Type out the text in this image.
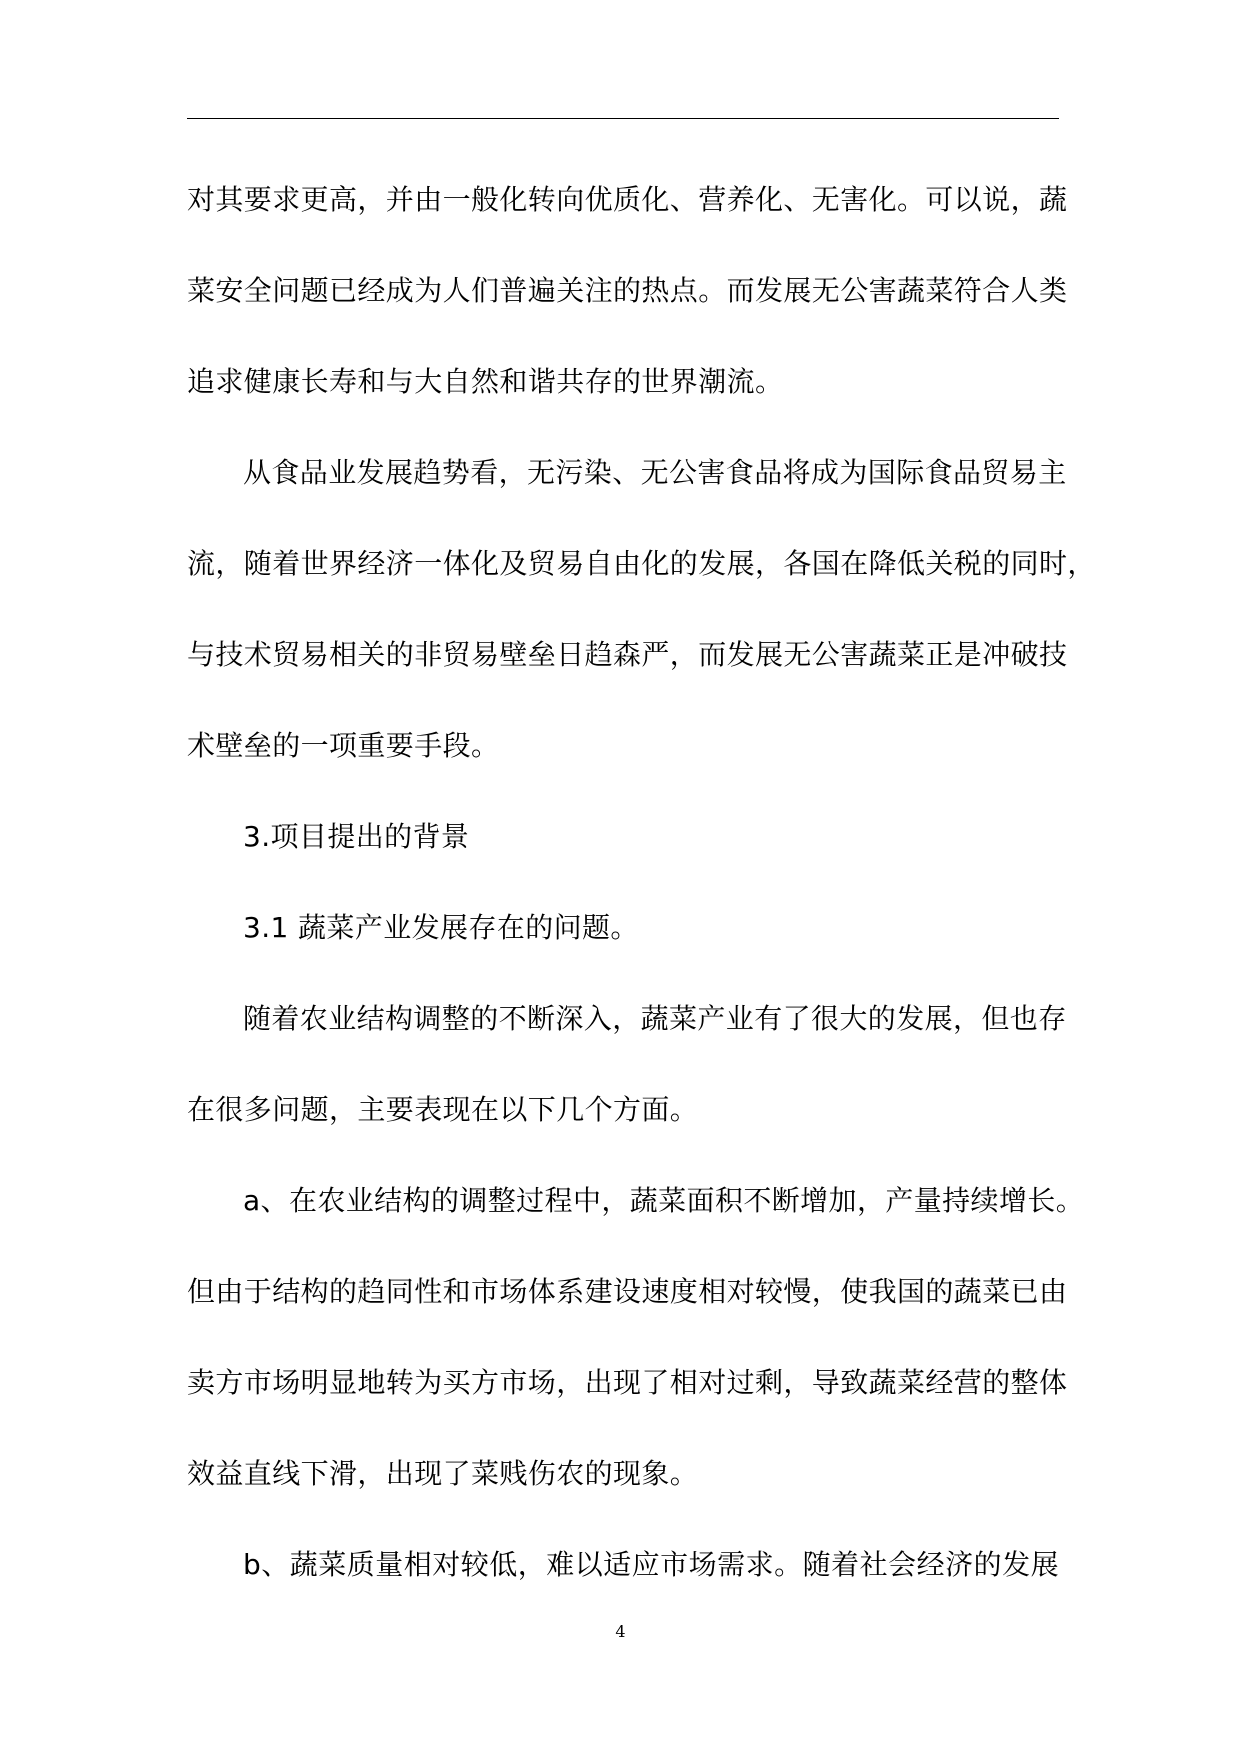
对其要求更高，并由一般化转向优质化、营养化、无害化。可以说，蔬
菜安全问题已经成为人们普遍关注的热点。而发展无公害蔬菜符合人类
追求健康长寿和与大自然和谐共存的世界潮流。
从食品业发展趋势看，无污染、无公害食品将成为国际食品贸易主
流，随着世界经济一体化及贸易自由化的发展，各国在降低关税的同时，
与技术贸易相关的非贸易壁垒日趋森严，而发展无公害蔬菜正是冲破技
术壁垒的一项重要手段。
3.项目提出的背景
3.1 蔬菜产业发展存在的问题。
随着农业结构调整的不断深入，蔬菜产业有了很大的发展，但也存
在很多问题，主要表现在以下几个方面。
a、在农业结构的调整过程中，蔬菜面积不断增加，产量持续增长。
但由于结构的趋同性和市场体系建设速度相对较慢，使我国的蔬菜已由
卖方市场明显地转为买方市场，出现了相对过剩，导致蔬菜经营的整体
效益直线下滑，出现了菜贱伤农的现象。
b、蔬菜质量相对较低，难以适应市场需求。随着社会经济的发展
4
